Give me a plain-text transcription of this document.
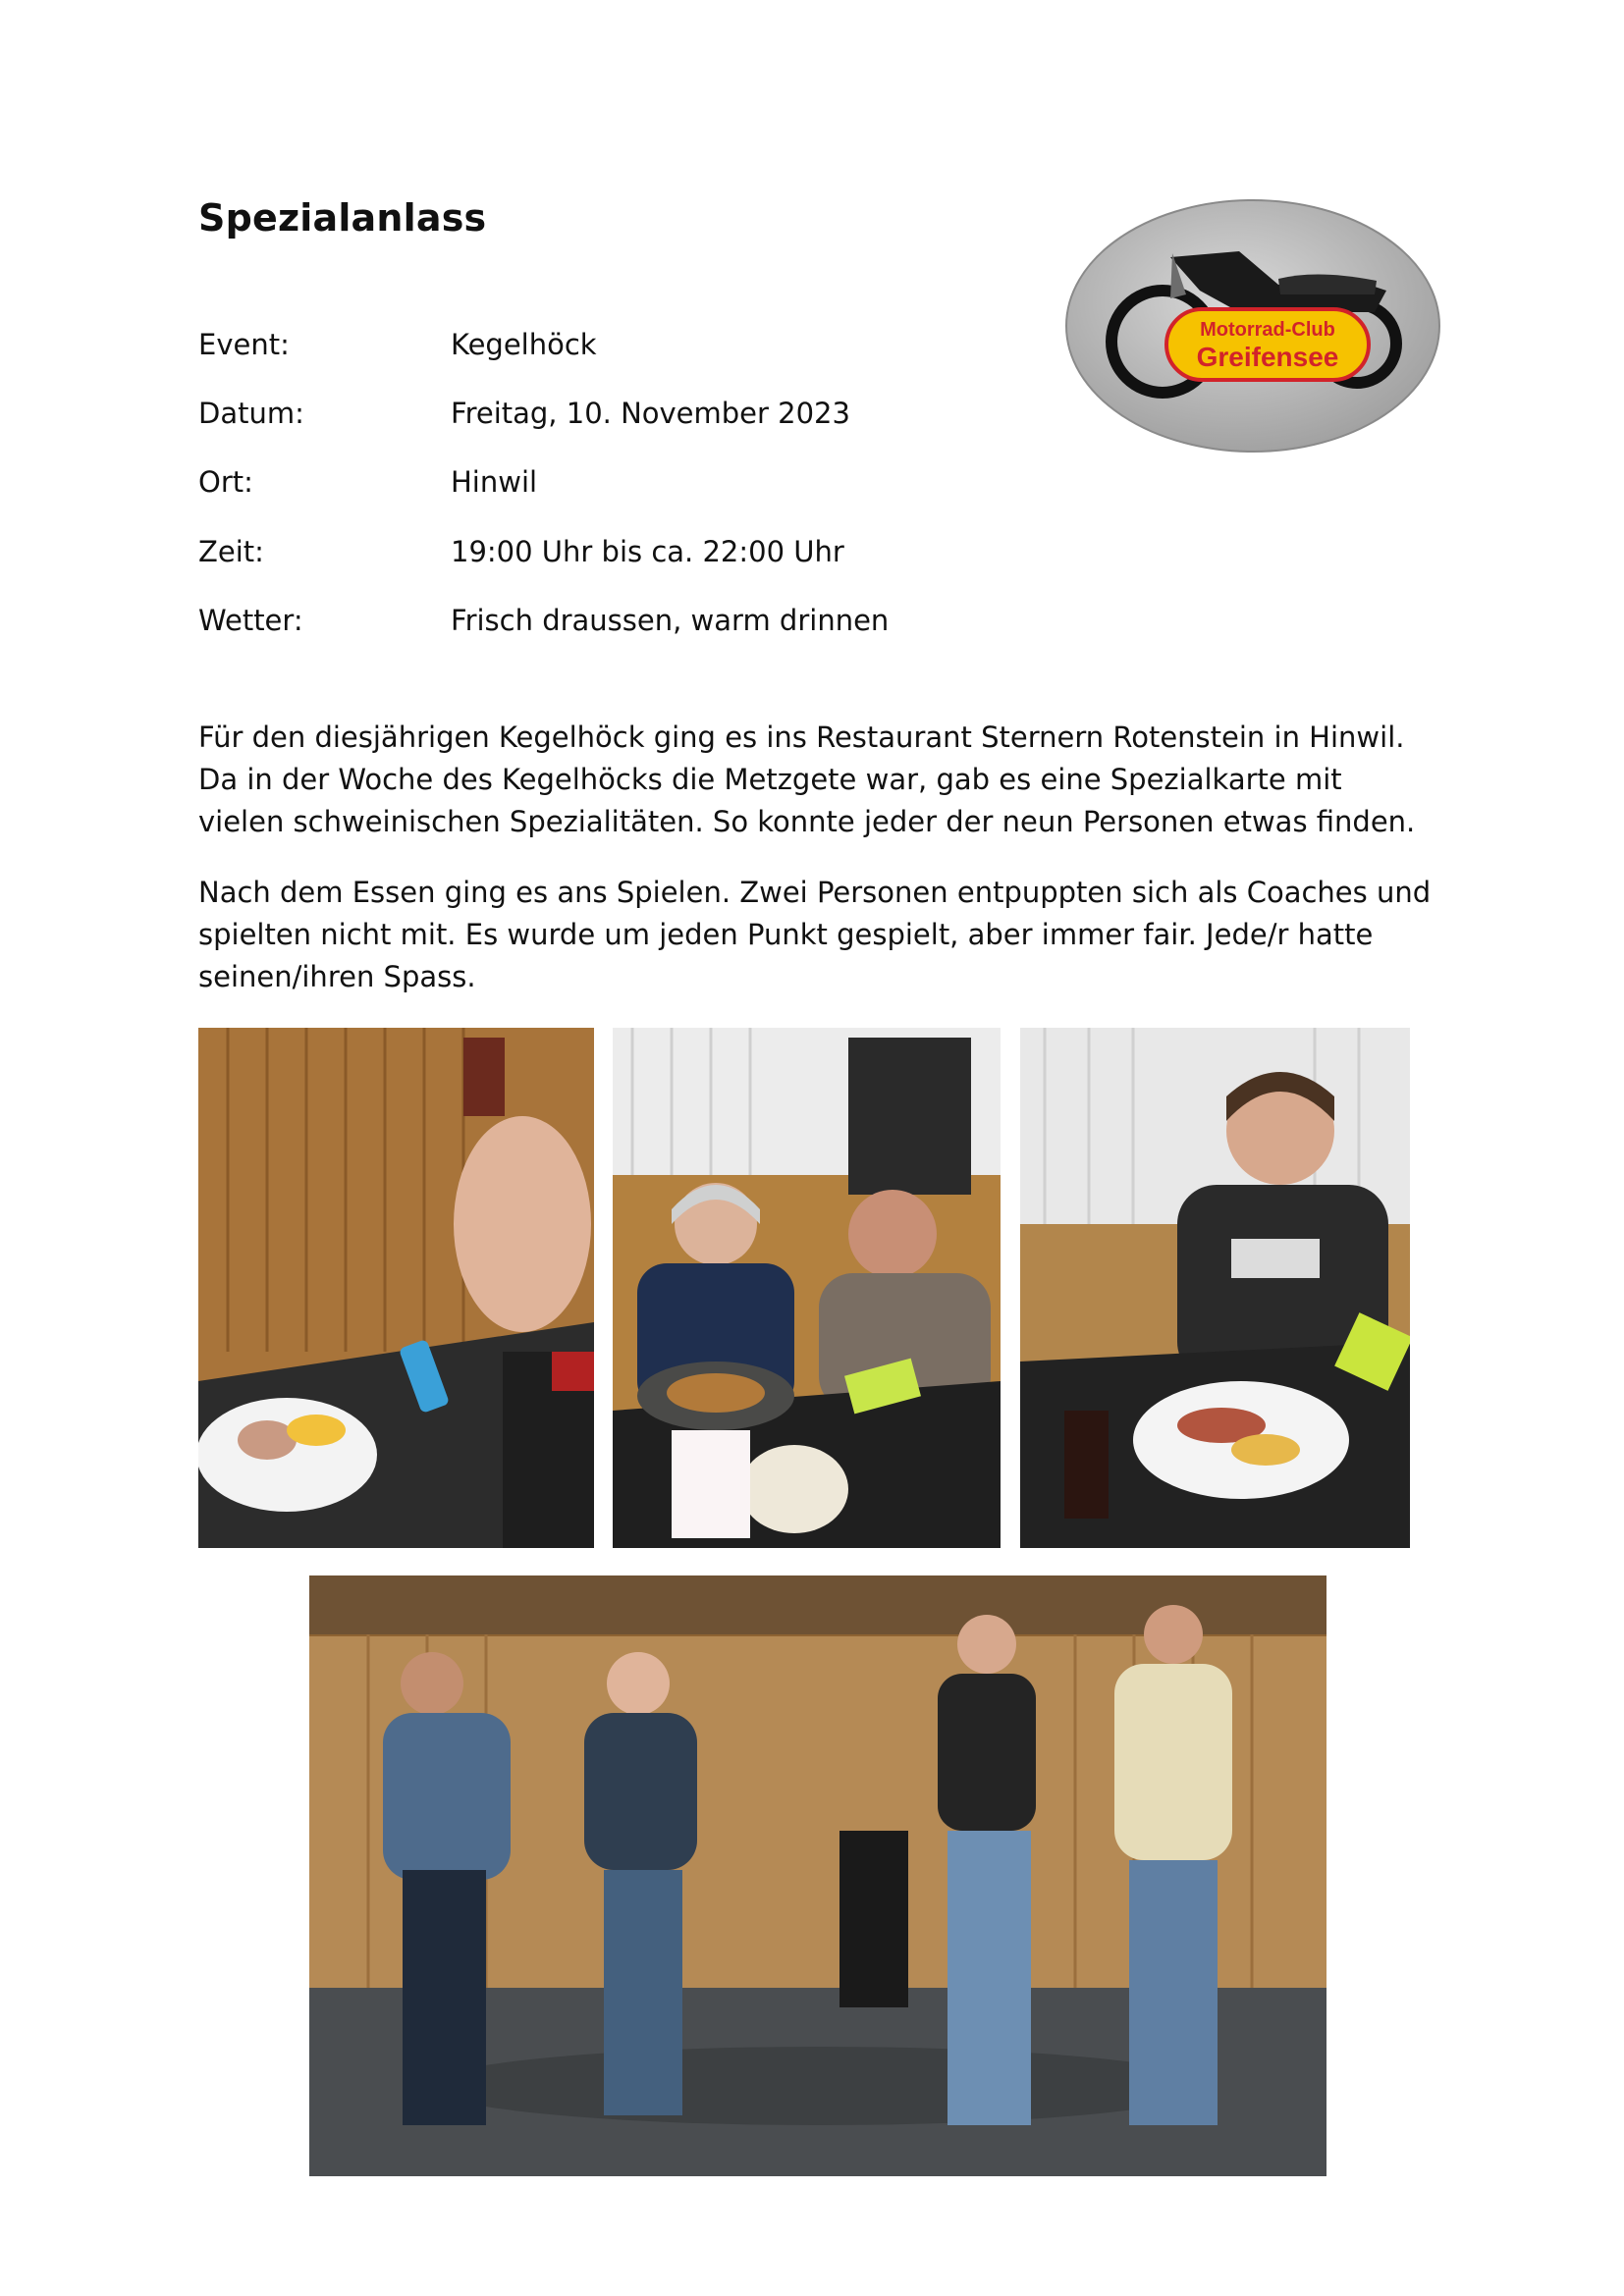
Spezialanlass
Motorrad-Club
Greifensee
Event:	Kegelhöck
Datum:	Freitag, 10. November 2023
Ort:	Hinwil
Zeit:	19:00 Uhr bis ca. 22:00 Uhr
Wetter:	Frisch draussen, warm drinnen

Für den diesjährigen Kegelhöck ging es ins Restaurant Sternern Rotenstein in Hinwil. Da in der Woche des Kegelhöcks die Metzgete war, gab es eine Spezialkarte mit vielen schweinischen Spezialitäten. So konnte jeder der neun Personen etwas finden.

Nach dem Essen ging es ans Spielen. Zwei Personen entpuppten sich als Coaches und spielten nicht mit. Es wurde um jeden Punkt gespielt, aber immer fair. Jede/r hatte seinen/ihren Spass.
